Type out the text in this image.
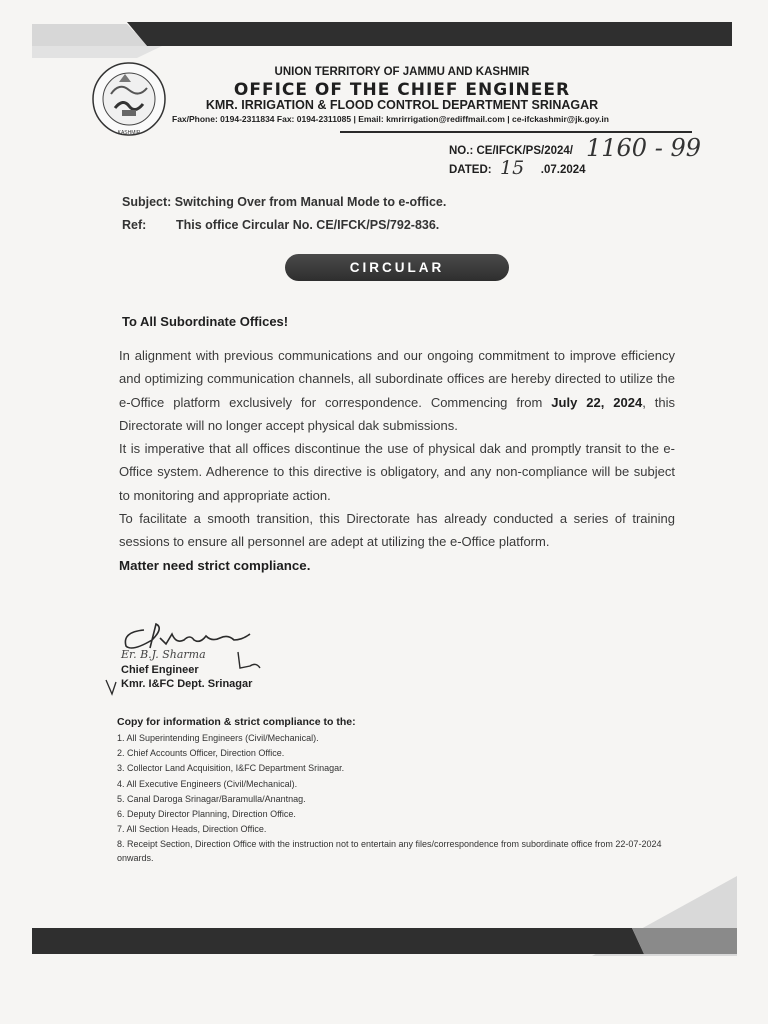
KASHMIR
UNION TERRITORY OF JAMMU AND KASHMIR
OFFICE OF THE CHIEF ENGINEER
KMR. IRRIGATION & FLOOD CONTROL DEPARTMENT SRINAGAR
Fax/Phone: 0194-2311834 Fax: 0194-2311085 | Email: kmrirrigation@rediffmail.com | ce-ifckashmir@jk.goy.in
NO.: CE/IFCK/PS/2024/ 1160 - 99
DATED:	.07.2024
15
Subject: Switching Over from Manual Mode to e-office.
Ref: This office Circular No. CE/IFCK/PS/792-836.
CIRCULAR
To All Subordinate Offices!

In alignment with previous communications and our ongoing commitment to improve efficiency and optimizing communication channels, all subordinate offices are hereby directed to utilize the e-Office platform exclusively for correspondence. Commencing from July 22, 2024, this Directorate will no longer accept physical dak submissions.

It is imperative that all offices discontinue the use of physical dak and promptly transit to the e-Office system. Adherence to this directive is obligatory, and any non-compliance will be subject to monitoring and appropriate action.

To facilitate a smooth transition, this Directorate has already conducted a series of training sessions to ensure all personnel are adept at utilizing the e-Office platform.

Matter need strict compliance.

Er. B.J. Sharma
Chief Engineer
Kmr. I&FC Dept. Srinagar
Copy for information & strict compliance to the:
1. All Superintending Engineers (Civil/Mechanical).
2. Chief Accounts Officer, Direction Office.
3. Collector Land Acquisition, I&FC Department Srinagar.
4. All Executive Engineers (Civil/Mechanical).
5. Canal Daroga Srinagar/Baramulla/Anantnag.
6. Deputy Director Planning, Direction Office.
7. All Section Heads, Direction Office.
8. Receipt Section, Direction Office with the instruction not to entertain any files/correspondence from subordinate office from 22-07-2024 onwards.
